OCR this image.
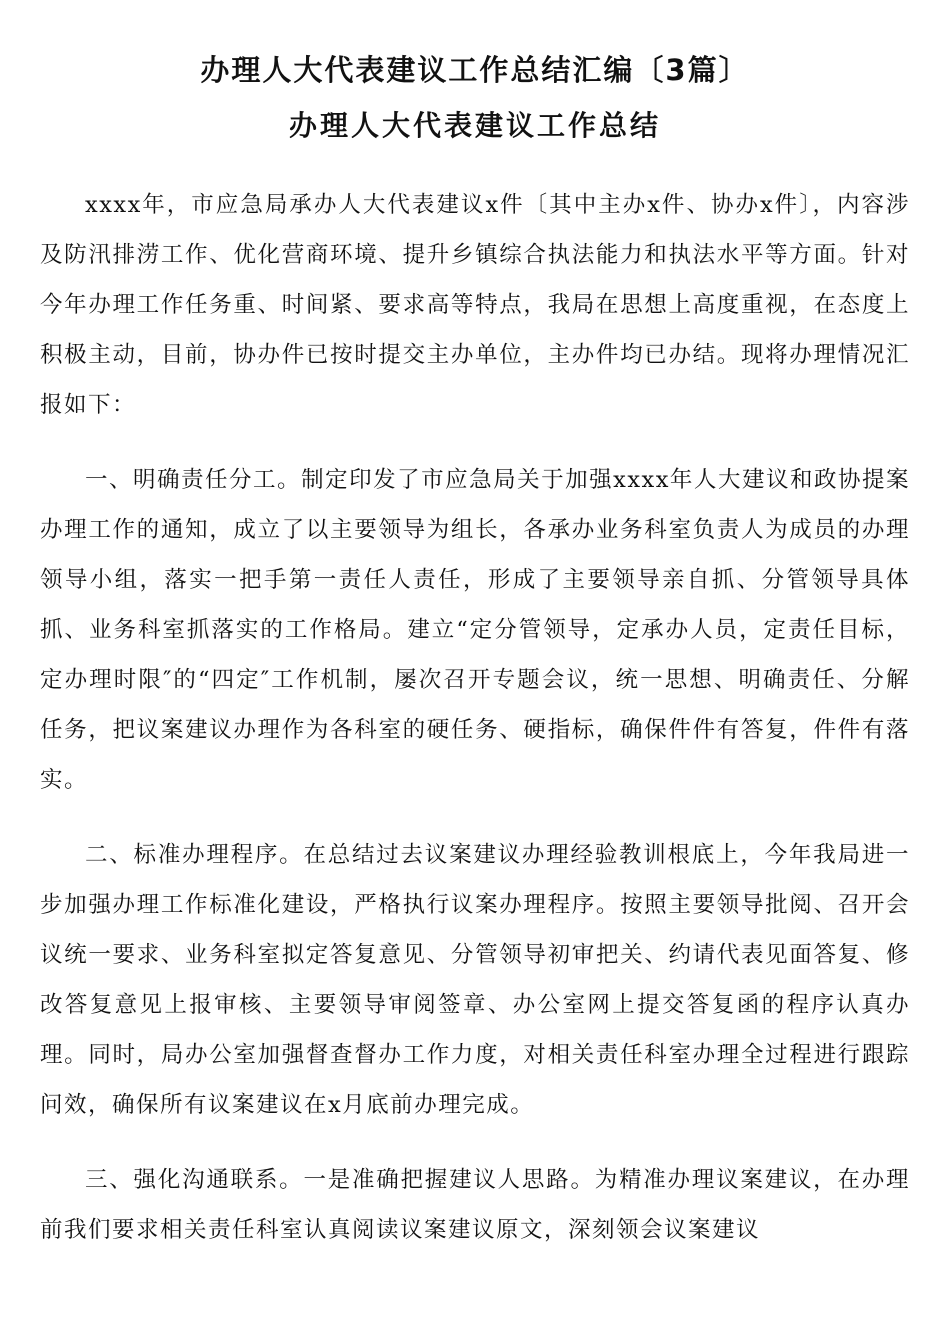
办理人大代表建议工作总结汇编〔3篇〕
办理人大代表建议工作总结

xxxx年，市应急局承办人大代表建议x件〔其中主办x件、协办x件〕，内容涉及防汛排涝工作、优化营商环境、提升乡镇综合执法能力和执法水平等方面。针对今年办理工作任务重、时间紧、要求高等特点，我局在思想上高度重视，在态度上积极主动，目前，协办件已按时提交主办单位，主办件均已办结。现将办理情况汇报如下：

一、明确责任分工。制定印发了市应急局关于加强xxxx年人大建议和政协提案办理工作的通知，成立了以主要领导为组长，各承办业务科室负责人为成员的办理领导小组，落实一把手第一责任人责任，形成了主要领导亲自抓、分管领导具体抓、业务科室抓落实的工作格局。建立“定分管领导，定承办人员，定责任目标，定办理时限″的“四定″工作机制，屡次召开专题会议，统一思想、明确责任、分解任务，把议案建议办理作为各科室的硬任务、硬指标，确保件件有答复，件件有落实。

二、标准办理程序。在总结过去议案建议办理经验教训根底上，今年我局进一步加强办理工作标准化建设，严格执行议案办理程序。按照主要领导批阅、召开会议统一要求、业务科室拟定答复意见、分管领导初审把关、约请代表见面答复、修改答复意见上报审核、主要领导审阅签章、办公室网上提交答复函的程序认真办理。同时，局办公室加强督查督办工作力度，对相关责任科室办理全过程进行跟踪问效，确保所有议案建议在x月底前办理完成。

三、强化沟通联系。一是准确把握建议人思路。为精准办理议案建议，在办理前我们要求相关责任科室认真阅读议案建议原文，深刻领会议案建议
